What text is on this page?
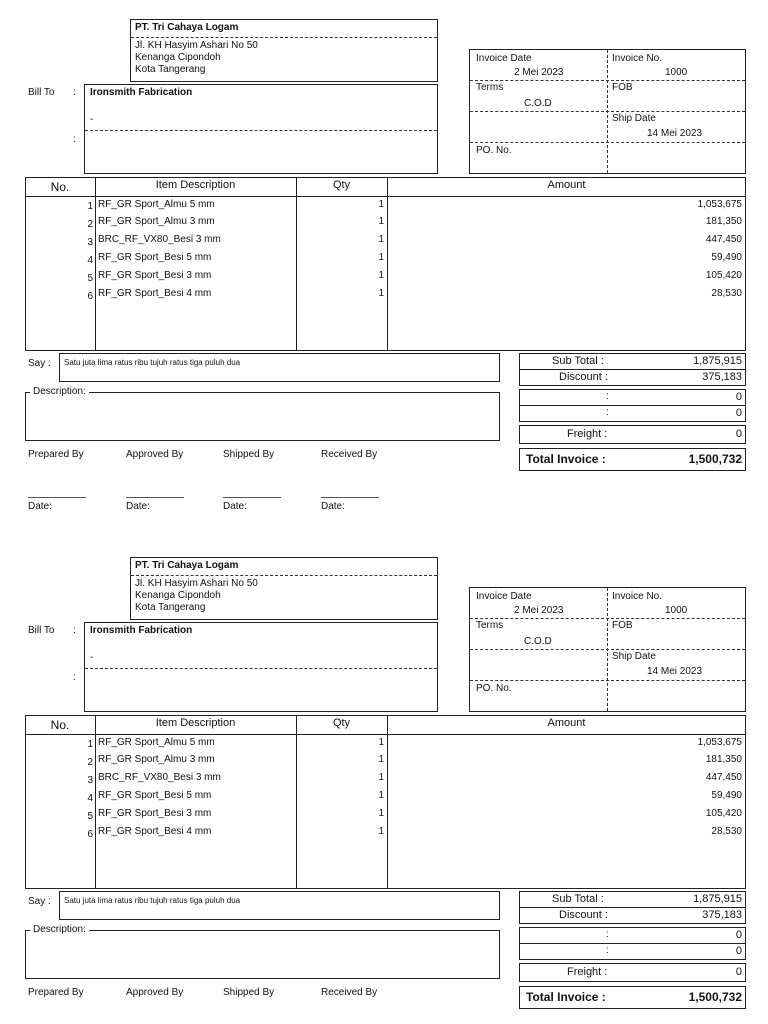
PT. Tri Cahaya Logam
Jl. KH Hasyim Ashari No 50
Kenanga Cipondoh
Kota Tangerang
Bill To :
:
Ironsmith Fabrication
-
Invoice Date
2 Mei 2023
Invoice No.
1000
Terms
C.O.D
FOB
Ship Date
14 Mei 2023
PO. No.
No.	Item Description	Qty	Amount
1 RF_GR Sport_Almu 5 mm	1	1,053,675
2 RF_GR Sport_Almu 3 mm	1	181,350
3 BRC_RF_VX80_Besi 3 mm	1	447,450
4 RF_GR Sport_Besi 5 mm	1	59,490
5 RF_GR Sport_Besi 3 mm	1	105,420
6 RF_GR Sport_Besi 4 mm	1	28,530
Say : Satu juta lima ratus ribu tujuh ratus tiga puluh dua
Description:
Sub Total :	1,875,915
Discount :	375,183
:	0
:	0
Freight :	0
Total Invoice :	1,500,732
Prepared By	Approved By	Shipped By	Received By
Date:	Date:	Date:	Date:
PT. Tri Cahaya Logam
Jl. KH Hasyim Ashari No 50
Kenanga Cipondoh
Kota Tangerang
Bill To :
:
Ironsmith Fabrication
-
Invoice Date
2 Mei 2023
Invoice No.
1000
Terms
C.O.D
FOB
Ship Date
14 Mei 2023
PO. No.
No.	Item Description	Qty	Amount
1 RF_GR Sport_Almu 5 mm	1	1,053,675
2 RF_GR Sport_Almu 3 mm	1	181,350
3 BRC_RF_VX80_Besi 3 mm	1	447,450
4 RF_GR Sport_Besi 5 mm	1	59,490
5 RF_GR Sport_Besi 3 mm	1	105,420
6 RF_GR Sport_Besi 4 mm	1	28,530
Say : Satu juta lima ratus ribu tujuh ratus tiga puluh dua
Description:
Sub Total :	1,875,915
Discount :	375,183
:	0
:	0
Freight :	0
Total Invoice :	1,500,732
Prepared By	Approved By	Shipped By	Received By
